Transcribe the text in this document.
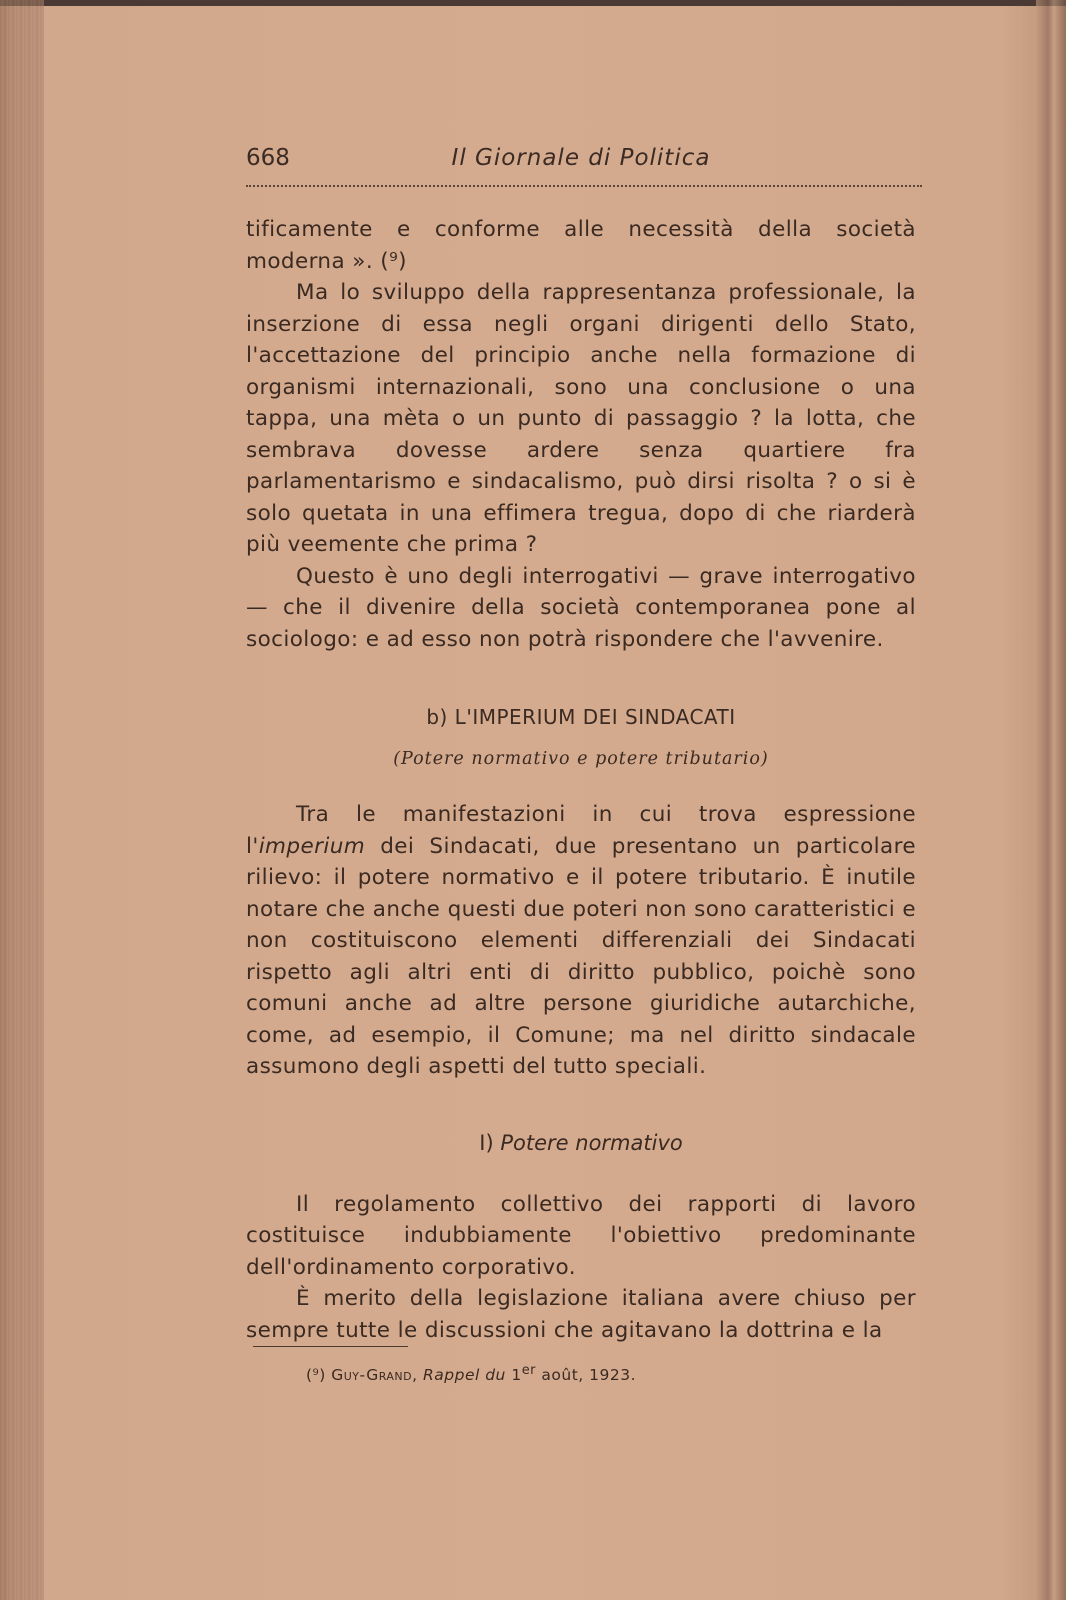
668	Il Giornale di Politica

tificamente e conforme alle necessità della società moderna ». (⁹)

Ma lo sviluppo della rappresentanza professionale, la inserzione di essa negli organi dirigenti dello Stato, l'accettazione del principio anche nella formazione di organismi internazionali, sono una conclusione o una tappa, una mèta o un punto di passaggio ? la lotta, che sembrava dovesse ardere senza quartiere fra parlamentarismo e sindacalismo, può dirsi risolta ? o si è solo quetata in una effimera tregua, dopo di che riarderà più veemente che prima ?

Questo è uno degli interrogativi — grave interrogativo — che il divenire della società contemporanea pone al sociologo: e ad esso non potrà rispondere che l'avvenire.

b) L'IMPERIUM DEI SINDACATI

(Potere normativo e potere tributario)

Tra le manifestazioni in cui trova espressione l'imperium dei Sindacati, due presentano un particolare rilievo: il potere normativo e il potere tributario. È inutile notare che anche questi due poteri non sono caratteristici e non costituiscono elementi differenziali dei Sindacati rispetto agli altri enti di diritto pubblico, poichè sono comuni anche ad altre persone giuridiche autarchiche, come, ad esempio, il Comune; ma nel diritto sindacale assumono degli aspetti del tutto speciali.

I) Potere normativo

Il regolamento collettivo dei rapporti di lavoro costituisce indubbiamente l'obiettivo predominante dell'ordinamento corporativo.

È merito della legislazione italiana avere chiuso per sempre tutte le discussioni che agitavano la dottrina e la

(⁹) Guy-Grand, Rappel du 1er août, 1923.
